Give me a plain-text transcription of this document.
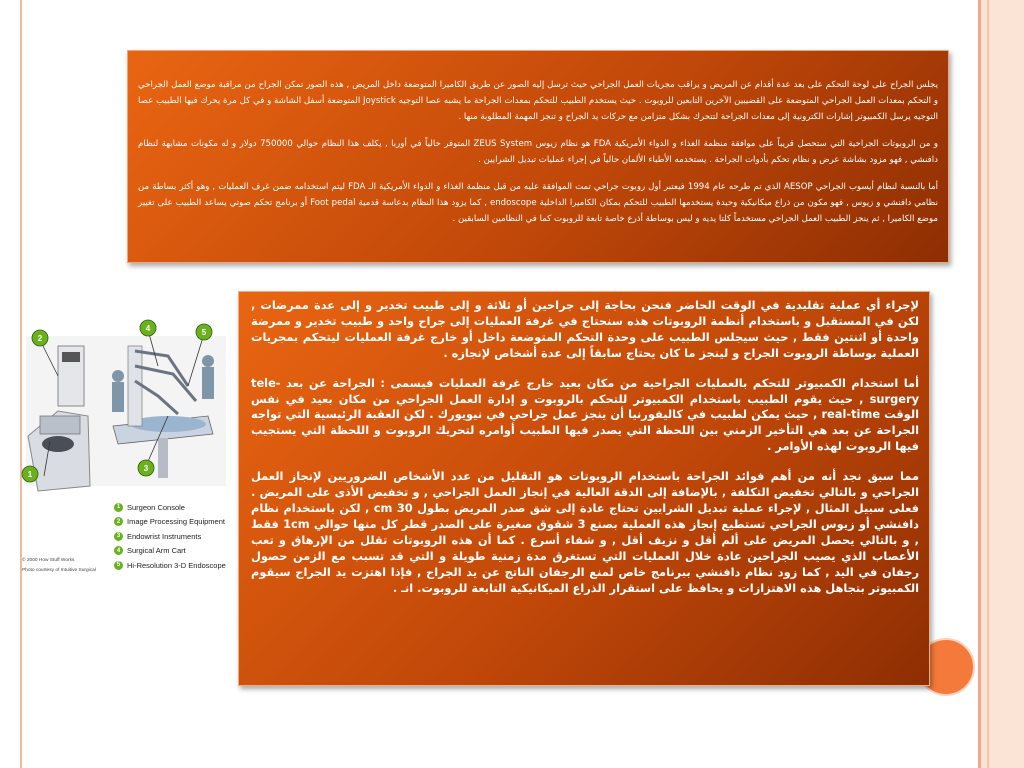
يجلس الجراح على لوحة التحكم على بعد عدة أقدام عن المريض و يراقب مجريات العمل الجراحي حيث ترسل إليه الصور عن طريق الكاميرا المتوضعة داخل المريض , هذه الصور تمكن الجراح من مراقبة موضع العمل الجراحي و التحكم بمعدات العمل الجراحي المتوضعة على القضيبين الآخرين التابعين للروبوت . حيث يستخدم الطبيب للتحكم بمعدات الجراحة ما يشبه عصا التوجيه Joystick المتوضعة أسفل الشاشة و في كل مرة يحرك فيها الطبيب عصا التوجيه يرسل الكمبيوتر إشارات الكترونية إلى معدات الجراحة لتتحرك بشكل متزامن مع حركات يد الجراح و تنجز المهمة المطلوبة منها .

و من الروبوتات الجراحية التي ستحصل قريباً على موافقة منظمة الغذاء و الدواء الأمريكية FDA هو نظام زيوس ZEUS System المتوفر حالياً في أوربا , يكلف هذا النظام حوالي 750000 دولار و له مكونات مشابهة لنظام دافنشي , فهو مزود بشاشة عرض و نظام تحكم بأدوات الجراحة . يستخدمه الأطباء الألمان حالياً في إجراء عمليات تبديل الشرايين .

أما بالنسبة لنظام أيسوب الجراحي AESOP الذي تم طرحه عام 1994 فيعتبر أول روبوت جراحي تمت الموافقة عليه من قبل منظمة الغذاء و الدواء الأمريكية الـ FDA ليتم استخدامه ضمن غرف العمليات , وهو أكثر بساطة من نظامي دافنشي و زيوس , فهو مكون من ذراع ميكانيكية وحيدة يستخدمها الطبيب للتحكم بمكان الكاميرا الداخلية endoscope , كما يزود هذا النظام بدعاسة قدمية Foot pedal أو برنامج تحكم صوتي يساعد الطبيب على تغيير موضع الكاميرا , ثم ينجز الطبيب العمل الجراحي مستخدماً كلتا يديه و ليس بوساطة أذرع خاصة تابعة للروبوت كما في النظامين السابقين .

2
1
3
4	5
1 Surgeon Console
2 Image Processing Equipment
3 Endowrist Instruments
4 Surgical Arm Cart
5 Hi-Resolution 3-D Endoscope
© 2000 How Stuff Works
Photo courtesy of Intuitive Surgical

لإجراء أي عملية تقليدية في الوقت الحاضر فنحن بحاجة إلى جراحين أو ثلاثة و إلى طبيب تخدير و إلى عدة ممرضات , لكن في المستقبل و باستخدام أنظمة الروبوتات هذه سنحتاج في غرفة العمليات إلى جراح واحد و طبيب تخدير و ممرضة واحدة أو اثنتين فقط , حيث سيجلس الطبيب على وحدة التحكم المتوضعة داخل أو خارج غرفة العمليات ليتحكم بمجريات العملية بوساطة الروبوت الجراح و لينجز ما كان يحتاج سابقاً إلى عدة أشخاص لإنجازه .

أما استخدام الكمبيوتر للتحكم بالعمليات الجراحية من مكان بعيد خارج غرفة العمليات فيسمى : الجراحة عن بعد tele-surgery , حيث يقوم الطبيب باستخدام الكمبيوتر للتحكم بالروبوت و إدارة العمل الجراحي من مكان بعيد في نفس الوقت real-time , حيث يمكن لطبيب في كاليفورنيا أن ينجز عمل جراحي في نيويورك . لكن العقبة الرئيسية التي تواجه الجراحة عن بعد هي التأخير الزمني بين اللحظة التي يصدر فيها الطبيب أوامره لتحريك الروبوت و اللحظة التي يستجيب فيها الروبوت لهذه الأوامر .

مما سبق نجد أنه من أهم فوائد الجراحة باستخدام الروبوتات هو التقليل من عدد الأشخاص الضروريين لإنجاز العمل الجراحي و بالتالي تخفيض التكلفة , بالإضافة إلى الدقة العالية في إنجاز العمل الجراحي , و تخفيض الأذى على المريض . فعلى سبيل المثال , لإجراء عملية تبديل الشرايين تحتاج عادة إلى شق صدر المريض بطول 30 cm , لكن باستخدام نظام دافنشي أو زيوس الجراحي تستطيع إنجاز هذه العملية بصنع 3 شقوق صغيرة على الصدر قطر كل منها حوالي 1cm فقط , و بالتالي يحصل المريض على ألم أقل و نزيف أقل , و شفاء أسرع . كما أن هذه الروبوتات تقلل من الإرهاق و تعب الأعصاب الذي يصيب الجراحين عادة خلال العمليات التي تستغرق مدة زمنية طويلة و التي قد تسبب مع الزمن حصول رجفان في اليد , كما زود نظام دافنشي ببرنامج خاص لمنع الرجفان الناتج عن يد الجراح , فإذا اهتزت يد الجراح سيقوم الكمبيوتر بتجاهل هذه الاهتزازات و يحافظ على استقرار الذراع الميكانيكية التابعة للروبوت. انـ .
